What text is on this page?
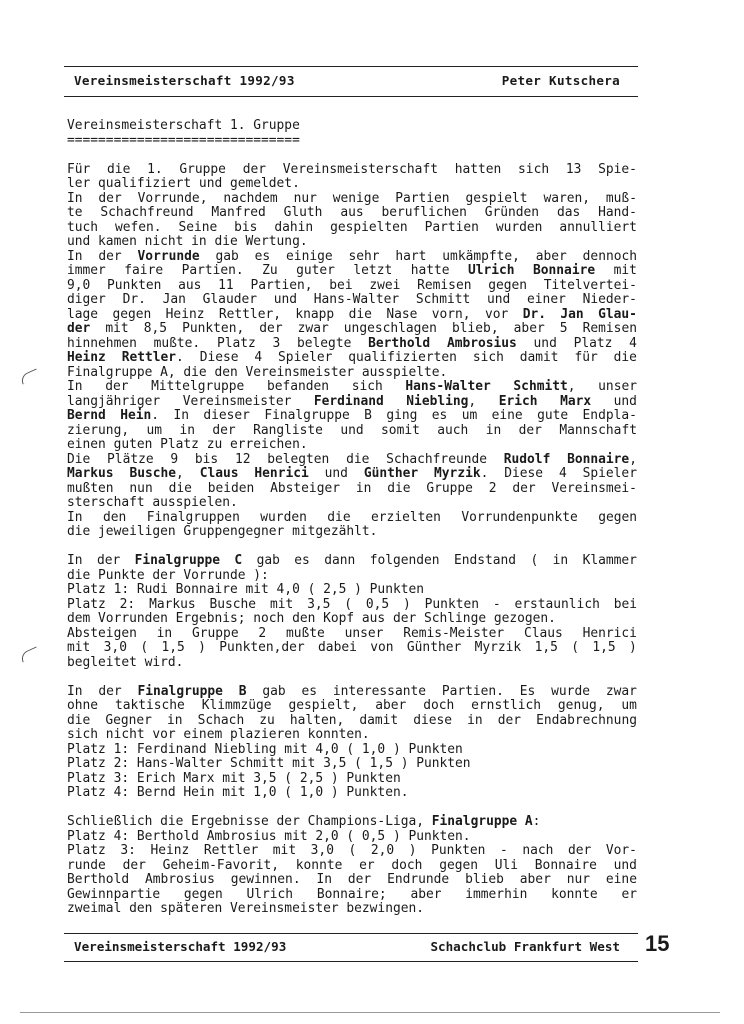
Vereinsmeisterschaft 1992/93	Peter Kutschera
Vereinsmeisterschaft 1. Gruppe
==============================
Für die 1. Gruppe der Vereinsmeisterschaft hatten sich 13 Spie-
ler qualifiziert und gemeldet.
In der Vorrunde, nachdem nur wenige Partien gespielt waren, muß-
te Schachfreund Manfred Gluth aus beruflichen Gründen das Hand-
tuch wefen. Seine bis dahin gespielten Partien wurden annulliert
und kamen nicht in die Wertung.
In der Vorrunde gab es einige sehr hart umkämpfte, aber dennoch
immer faire Partien. Zu guter letzt hatte Ulrich Bonnaire mit
9,0 Punkten aus 11 Partien, bei zwei Remisen gegen Titelvertei-
diger Dr. Jan Glauder und Hans-Walter Schmitt und einer Nieder-
lage gegen Heinz Rettler, knapp die Nase vorn, vor Dr. Jan Glau-
der mit 8,5 Punkten, der zwar ungeschlagen blieb, aber 5 Remisen
hinnehmen mußte. Platz 3 belegte Berthold Ambrosius und Platz 4
Heinz Rettler. Diese 4 Spieler qualifizierten sich damit für die
Finalgruppe A, die den Vereinsmeister ausspielte.
In der Mittelgruppe befanden sich Hans-Walter Schmitt, unser
langjähriger Vereinsmeister Ferdinand Niebling, Erich Marx und
Bernd Hein. In dieser Finalgruppe B ging es um eine gute Endpla-
zierung, um in der Rangliste und somit auch in der Mannschaft
einen guten Platz zu erreichen.
Die Plätze 9 bis 12 belegten die Schachfreunde Rudolf Bonnaire,
Markus Busche, Claus Henrici und Günther Myrzik. Diese 4 Spieler
mußten nun die beiden Absteiger in die Gruppe 2 der Vereinsmei-
sterschaft ausspielen.
In den Finalgruppen wurden die erzielten Vorrundenpunkte gegen
die jeweiligen Gruppengegner mitgezählt.
In der Finalgruppe C gab es dann folgenden Endstand ( in Klammer
die Punkte der Vorrunde ):
Platz 1: Rudi Bonnaire mit 4,0 ( 2,5 ) Punkten
Platz 2: Markus Busche mit 3,5 ( 0,5 ) Punkten - erstaunlich bei
dem Vorrunden Ergebnis; noch den Kopf aus der Schlinge gezogen.
Absteigen in Gruppe 2 mußte unser Remis-Meister Claus Henrici
mit 3,0 ( 1,5 ) Punkten,der dabei von Günther Myrzik 1,5 ( 1,5 )
begleitet wird.
In der Finalgruppe B gab es interessante Partien. Es wurde zwar
ohne taktische Klimmzüge gespielt, aber doch ernstlich genug, um
die Gegner in Schach zu halten, damit diese in der Endabrechnung
sich nicht vor einem plazieren konnten.
Platz 1: Ferdinand Niebling mit 4,0 ( 1,0 ) Punkten
Platz 2: Hans-Walter Schmitt mit 3,5 ( 1,5 ) Punkten
Platz 3: Erich Marx mit 3,5 ( 2,5 ) Punkten
Platz 4: Bernd Hein mit 1,0 ( 1,0 ) Punkten.
Schließlich die Ergebnisse der Champions-Liga, Finalgruppe A:
Platz 4: Berthold Ambrosius mit 2,0 ( 0,5 ) Punkten.
Platz 3: Heinz Rettler mit 3,0 ( 2,0 ) Punkten - nach der Vor-
runde der Geheim-Favorit, konnte er doch gegen Uli Bonnaire und
Berthold Ambrosius gewinnen. In der Endrunde blieb aber nur eine
Gewinnpartie gegen Ulrich Bonnaire; aber immerhin konnte er
zweimal den späteren Vereinsmeister bezwingen.
Vereinsmeisterschaft 1992/93	Schachclub Frankfurt West 15
